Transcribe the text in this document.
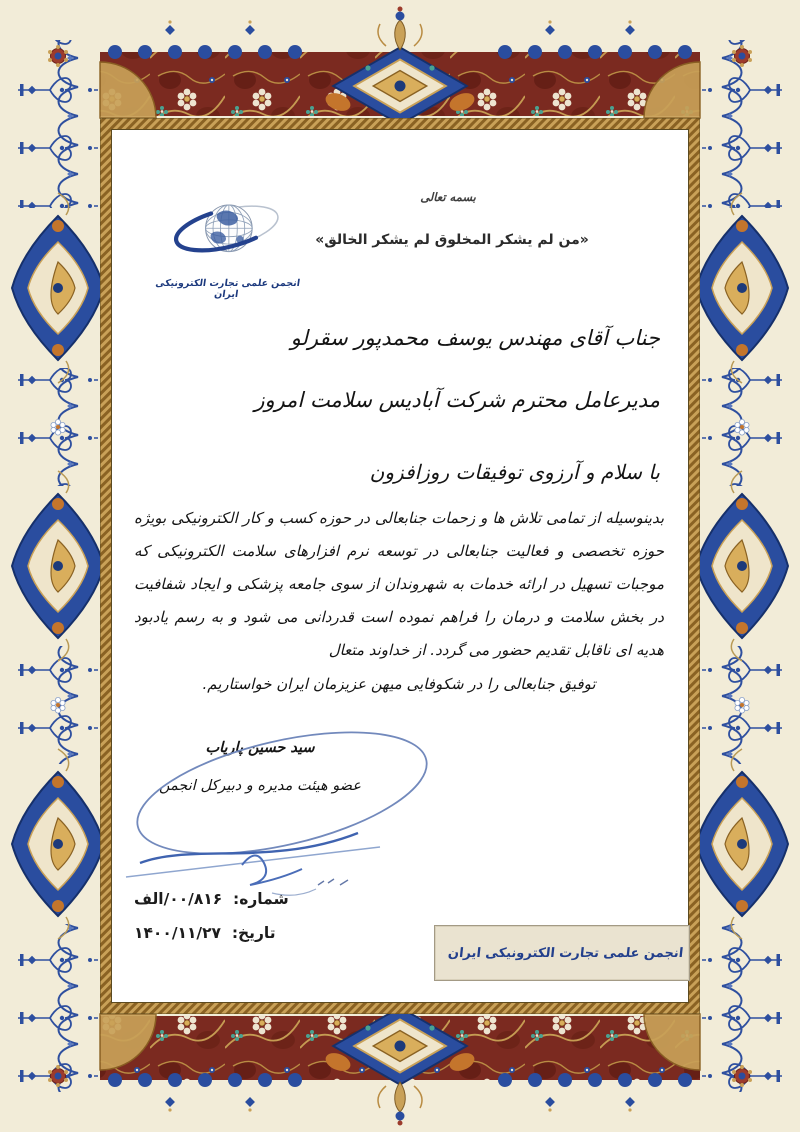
انجمن علمی تجارت الکترونیکی ایران
بسمه تعالی
«من لم یشکر المخلوق لم یشکر الخالق»
جناب آقای مهندس یوسف محمدپور سقرلو
مدیرعامل محترم شرکت آبادیس سلامت امروز
با سلام و آرزوی توفیقات روزافزون
بدینوسیله از تمامی تلاش ها و زحمات جنابعالی در حوزه کسب و کار الکترونیکی بویژه حوزه تخصصی و فعالیت جنابعالی در توسعه نرم افزارهای سلامت الکترونیکی که موجبات تسهیل در ارائه خدمات به شهروندان از سوی جامعه پزشکی و ایجاد شفافیت در بخش سلامت و درمان را فراهم نموده است قدردانی می شود و به رسم یادبود هدیه ای ناقابل تقدیم حضور می گردد. از خداوند متعال
توفیق جنابعالی را در شکوفایی میهن عزیزمان ایران خواستاریم.
سید حسین پاریاب
عضو هیئت مدیره و دبیرکل انجمن
شماره: ۰۰/۸۱۶/الف
تاریخ: ۱۴۰۰/۱۱/۲۷
انجمن علمی تجارت الکترونیکی ایران
